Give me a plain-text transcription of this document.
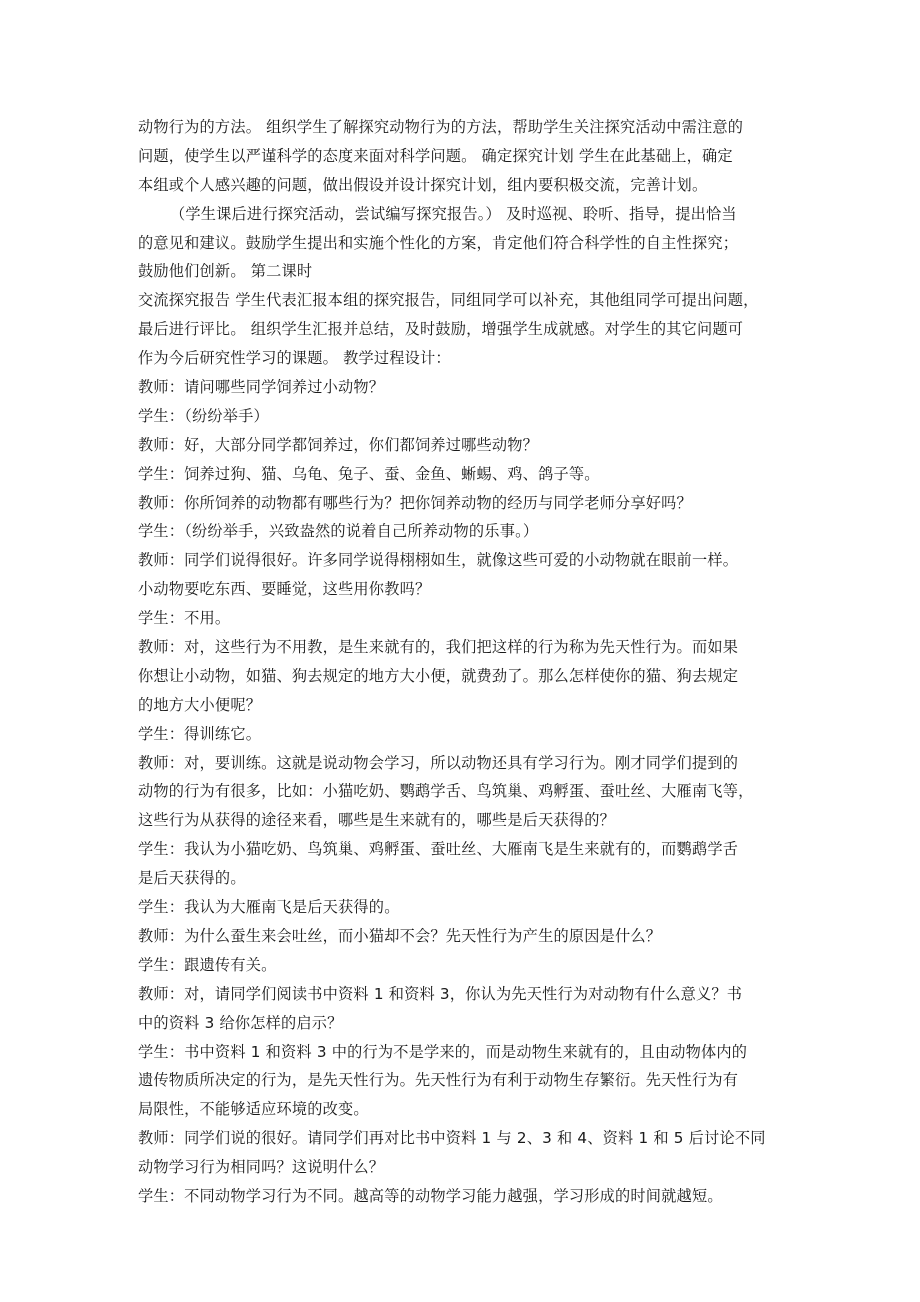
动物行为的方法。 组织学生了解探究动物行为的方法，帮助学生关注探究活动中需注意的
问题，使学生以严谨科学的态度来面对科学问题。 确定探究计划 学生在此基础上，确定
本组或个人感兴趣的问题，做出假设并设计探究计划，组内要积极交流，完善计划。
（学生课后进行探究活动，尝试编写探究报告。） 及时巡视、聆听、指导，提出恰当
的意见和建议。鼓励学生提出和实施个性化的方案，肯定他们符合科学性的自主性探究；
鼓励他们创新。 第二课时
交流探究报告 学生代表汇报本组的探究报告，同组同学可以补充，其他组同学可提出问题，
最后进行评比。 组织学生汇报并总结，及时鼓励，增强学生成就感。对学生的其它问题可
作为今后研究性学习的课题。 教学过程设计：
教师：请问哪些同学饲养过小动物？
学生：（纷纷举手）
教师：好，大部分同学都饲养过，你们都饲养过哪些动物？
学生：饲养过狗、猫、乌龟、兔子、蚕、金鱼、蜥蜴、鸡、鸽子等。
教师：你所饲养的动物都有哪些行为？把你饲养动物的经历与同学老师分享好吗？
学生：（纷纷举手，兴致盎然的说着自己所养动物的乐事。）
教师：同学们说得很好。许多同学说得栩栩如生，就像这些可爱的小动物就在眼前一样。
小动物要吃东西、要睡觉，这些用你教吗？
学生：不用。
教师：对，这些行为不用教，是生来就有的，我们把这样的行为称为先天性行为。而如果
你想让小动物，如猫、狗去规定的地方大小便，就费劲了。那么怎样使你的猫、狗去规定
的地方大小便呢？
学生：得训练它。
教师：对，要训练。这就是说动物会学习，所以动物还具有学习行为。刚才同学们提到的
动物的行为有很多，比如：小猫吃奶、鹦鹉学舌、鸟筑巢、鸡孵蛋、蚕吐丝、大雁南飞等，
这些行为从获得的途径来看，哪些是生来就有的，哪些是后天获得的？
学生：我认为小猫吃奶、鸟筑巢、鸡孵蛋、蚕吐丝、大雁南飞是生来就有的，而鹦鹉学舌
是后天获得的。
学生：我认为大雁南飞是后天获得的。
教师：为什么蚕生来会吐丝，而小猫却不会？先天性行为产生的原因是什么？
学生：跟遗传有关。
教师：对，请同学们阅读书中资料 1 和资料 3，你认为先天性行为对动物有什么意义？书
中的资料 3 给你怎样的启示？
学生：书中资料 1 和资料 3 中的行为不是学来的，而是动物生来就有的，且由动物体内的
遗传物质所决定的行为，是先天性行为。先天性行为有利于动物生存繁衍。先天性行为有
局限性，不能够适应环境的改变。
教师：同学们说的很好。请同学们再对比书中资料 1 与 2、3 和 4、资料 1 和 5 后讨论不同
动物学习行为相同吗？这说明什么？
学生：不同动物学习行为不同。越高等的动物学习能力越强，学习形成的时间就越短。
